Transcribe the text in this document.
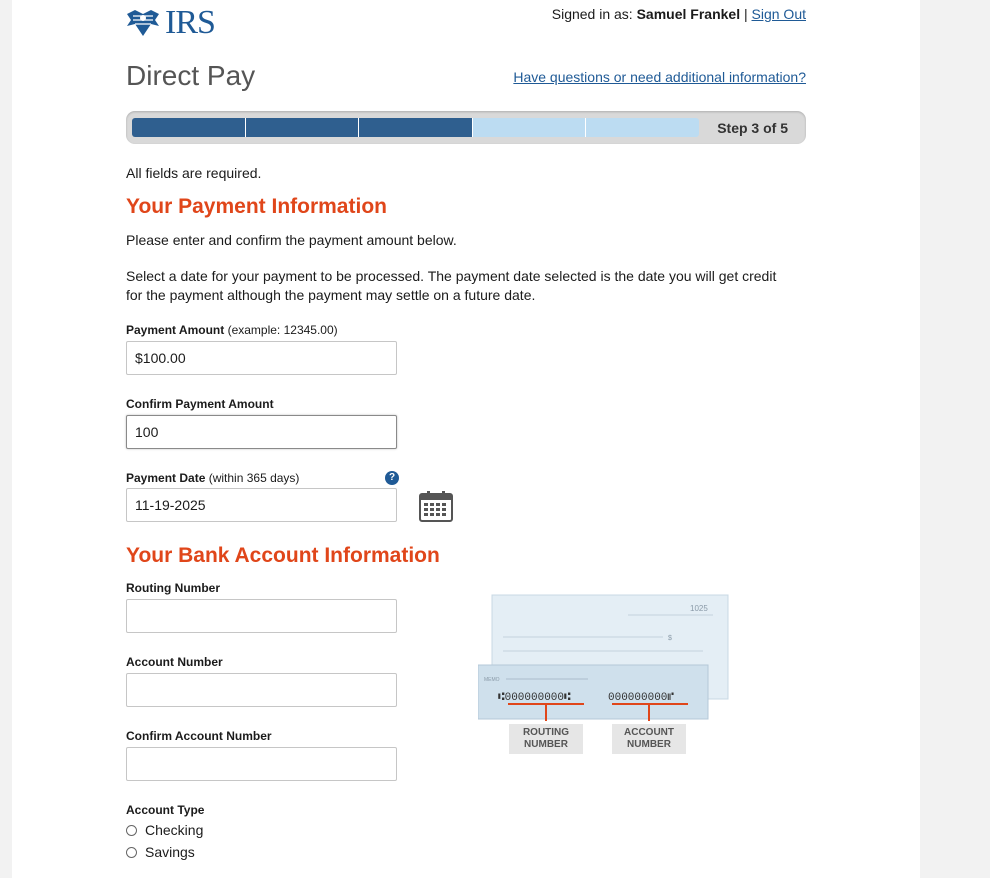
IRS	Signed in as: Samuel Frankel | Sign Out
Direct Pay	Have questions or need additional information?
Step 3 of 5
All fields are required.
Your Payment Information
Please enter and confirm the payment amount below.
Select a date for your payment to be processed. The payment date selected is the date you will get credit for the payment although the payment may settle on a future date.
Payment Amount (example: 12345.00)
$100.00
Confirm Payment Amount
100
Payment Date (within 365 days)	?
11-19-2025
Your Bank Account Information
Routing Number
Account Number
Confirm Account Number
Account Type
Checking
Savings
1025
$
MEMO
⑆000000000⑆	000000000⑈
ROUTING
NUMBER
ACCOUNT
NUMBER
